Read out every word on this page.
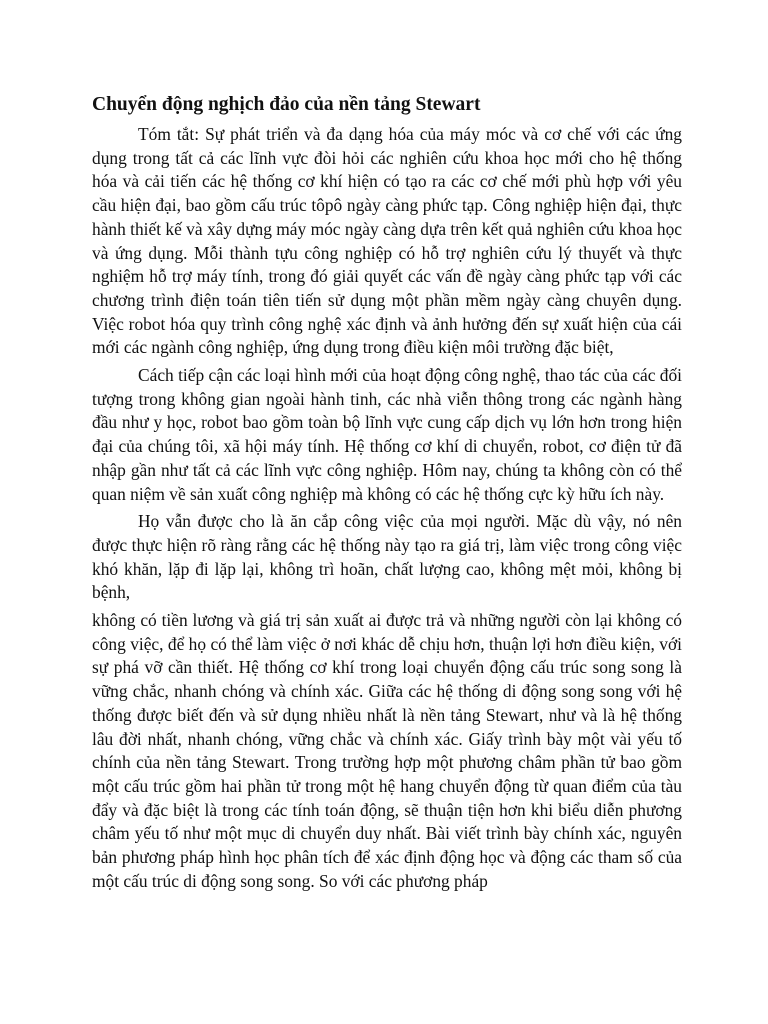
Chuyển động nghịch đảo của nền tảng Stewart

Tóm tắt: Sự phát triển và đa dạng hóa của máy móc và cơ chế với các ứng dụng trong tất cả các lĩnh vực đòi hỏi các nghiên cứu khoa học mới cho hệ thống hóa và cải tiến các hệ thống cơ khí hiện có tạo ra các cơ chế mới phù hợp với yêu cầu hiện đại, bao gồm cấu trúc tôpô ngày càng phức tạp. Công nghiệp hiện đại, thực hành thiết kế và xây dựng máy móc ngày càng dựa trên kết quả nghiên cứu khoa học và ứng dụng. Mỗi thành tựu công nghiệp có hỗ trợ nghiên cứu lý thuyết và thực nghiệm hỗ trợ máy tính, trong đó giải quyết các vấn đề ngày càng phức tạp với các chương trình điện toán tiên tiến sử dụng một phần mềm ngày càng chuyên dụng. Việc robot hóa quy trình công nghệ xác định và ảnh hưởng đến sự xuất hiện của cái mới các ngành công nghiệp, ứng dụng trong điều kiện môi trường đặc biệt,

Cách tiếp cận các loại hình mới của hoạt động công nghệ, thao tác của các đối tượng trong không gian ngoài hành tinh, các nhà viễn thông trong các ngành hàng đầu như y học, robot bao gồm toàn bộ lĩnh vực cung cấp dịch vụ lớn hơn trong hiện đại của chúng tôi, xã hội máy tính. Hệ thống cơ khí di chuyển, robot, cơ điện tử đã nhập gần như tất cả các lĩnh vực công nghiệp. Hôm nay, chúng ta không còn có thể quan niệm về sản xuất công nghiệp mà không có các hệ thống cực kỳ hữu ích này.

Họ vẫn được cho là ăn cắp công việc của mọi người. Mặc dù vậy, nó nên được thực hiện rõ ràng rằng các hệ thống này tạo ra giá trị, làm việc trong công việc khó khăn, lặp đi lặp lại, không trì hoãn, chất lượng cao, không mệt mỏi, không bị bệnh,

không có tiền lương và giá trị sản xuất ai được trả và những người còn lại không có công việc, để họ có thể làm việc ở nơi khác dễ chịu hơn, thuận lợi hơn điều kiện, với sự phá vỡ cần thiết. Hệ thống cơ khí trong loại chuyển động cấu trúc song song là vững chắc, nhanh chóng và chính xác. Giữa các hệ thống di động song song với hệ thống được biết đến và sử dụng nhiều nhất là nền tảng Stewart, như và là hệ thống lâu đời nhất, nhanh chóng, vững chắc và chính xác. Giấy trình bày một vài yếu tố chính của nền tảng Stewart. Trong trường hợp một phương châm phần tử bao gồm một cấu trúc gồm hai phần tử trong một hệ hang chuyển động từ quan điểm của tàu đẩy và đặc biệt là trong các tính toán động, sẽ thuận tiện hơn khi biểu diễn phương châm yếu tố như một mục di chuyển duy nhất. Bài viết trình bày chính xác, nguyên bản phương pháp hình học phân tích để xác định động học và động các tham số của một cấu trúc di động song song. So với các phương pháp
